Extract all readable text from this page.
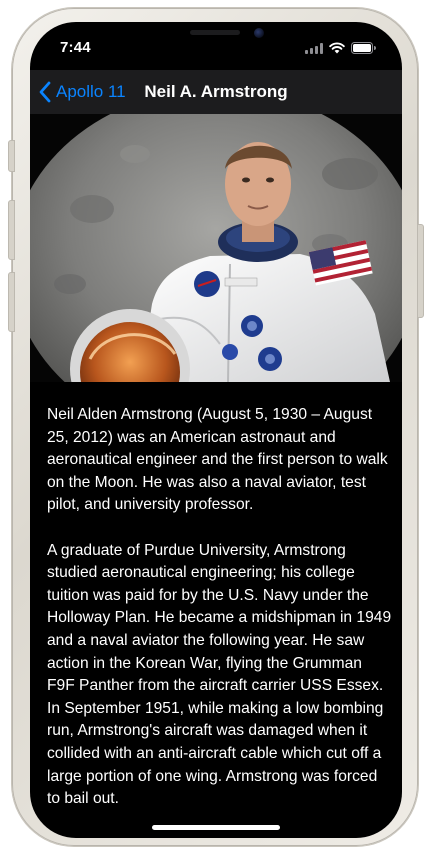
7:44
Apollo 11	Neil A. Armstrong

Neil Alden Armstrong (August 5, 1930 – August 25, 2012) was an American astronaut and aeronautical engineer and the first person to walk on the Moon. He was also a naval aviator, test pilot, and university professor.

A graduate of Purdue University, Armstrong studied aeronautical engineering; his college tuition was paid for by the U.S. Navy under the Holloway Plan. He became a midshipman in 1949 and a naval aviator the following year. He saw action in the Korean War, flying the Grumman F9F Panther from the aircraft carrier USS Essex. In September 1951, while making a low bombing run, Armstrong's aircraft was damaged when it collided with an anti-aircraft cable which cut off a large portion of one wing. Armstrong was forced to bail out.
